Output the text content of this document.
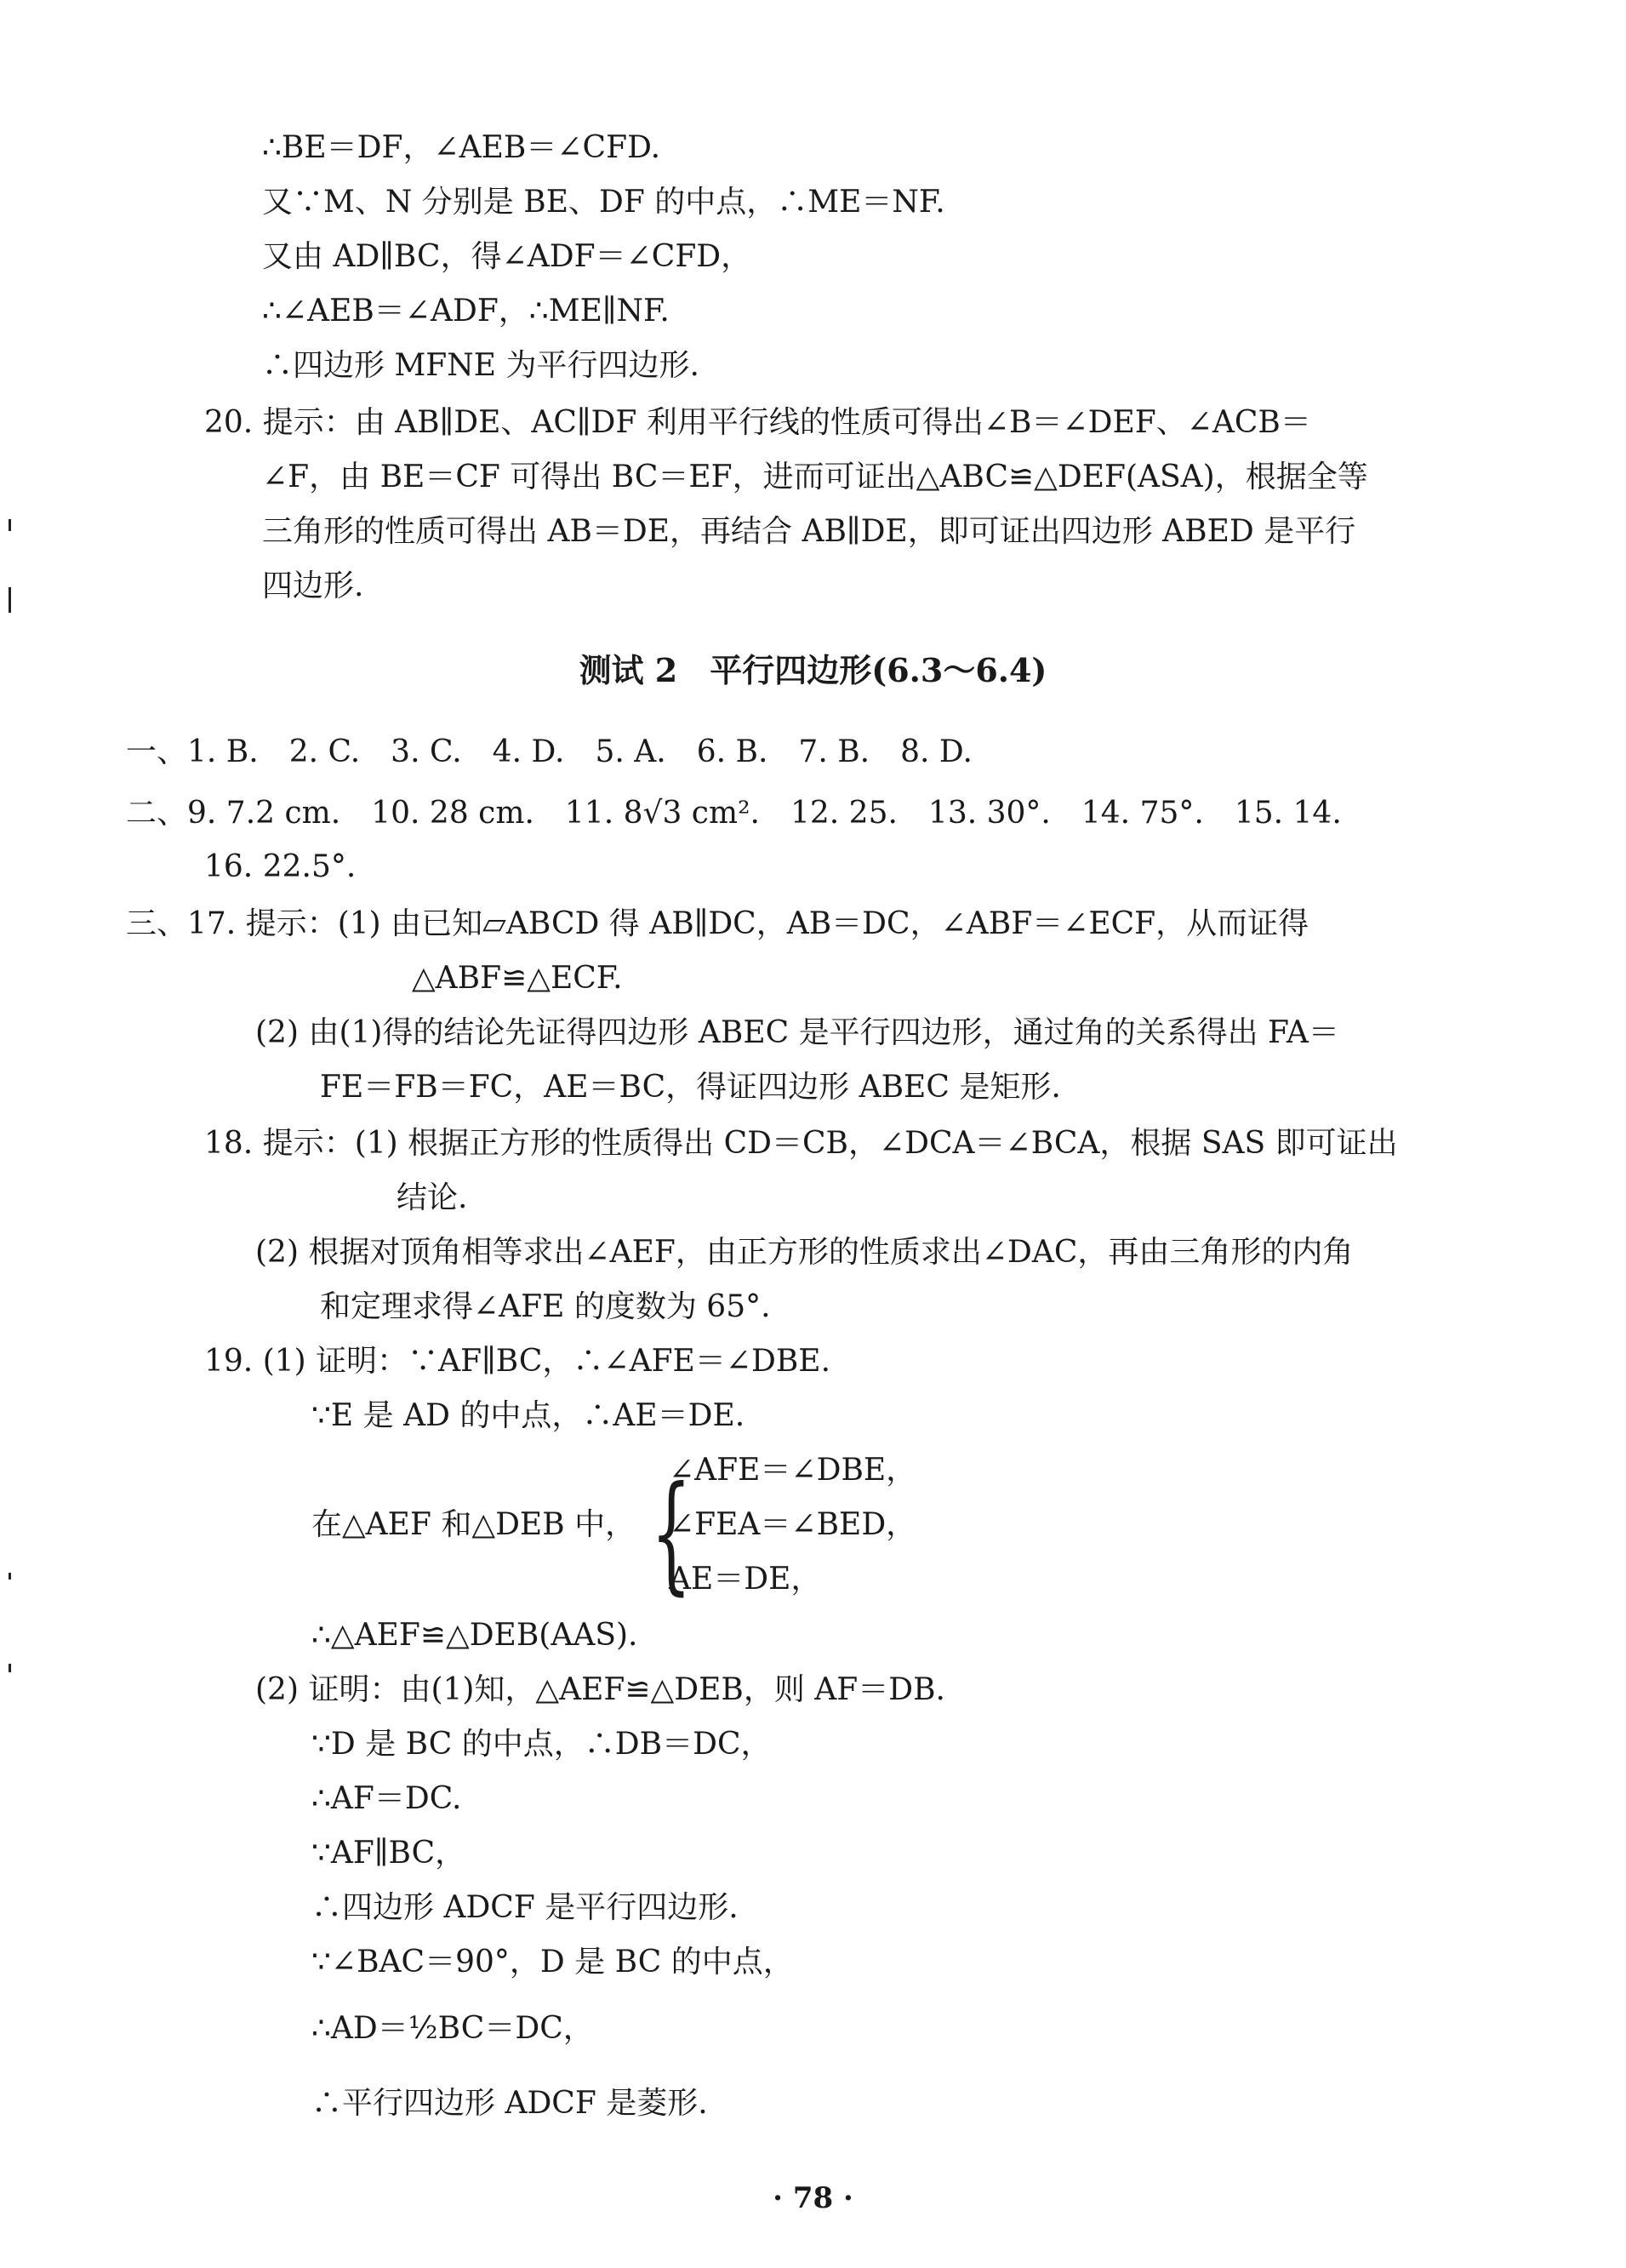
∴BE＝DF，∠AEB＝∠CFD.
又∵M、N 分别是 BE、DF 的中点，∴ME＝NF.
又由 AD∥BC，得∠ADF＝∠CFD，
∴∠AEB＝∠ADF，∴ME∥NF.
∴四边形 MFNE 为平行四边形.
20. 提示：由 AB∥DE、AC∥DF 利用平行线的性质可得出∠B＝∠DEF、∠ACB＝
∠F，由 BE＝CF 可得出 BC＝EF，进而可证出△ABC≌△DEF(ASA)，根据全等
三角形的性质可得出 AB＝DE，再结合 AB∥DE，即可证出四边形 ABED 是平行
四边形.
测试 2　平行四边形(6.3～6.4)
一、1. B.　2. C.　3. C.　4. D.　5. A.　6. B.　7. B.　8. D.
二、9. 7.2 cm.　10. 28 cm.　11. 8√3 cm².　12. 25.　13. 30°.　14. 75°.　15. 14.
16. 22.5°.
三、17. 提示：(1) 由已知▱ABCD 得 AB∥DC，AB＝DC，∠ABF＝∠ECF，从而证得
△ABF≌△ECF.
(2) 由(1)得的结论先证得四边形 ABEC 是平行四边形，通过角的关系得出 FA＝
FE＝FB＝FC，AE＝BC，得证四边形 ABEC 是矩形.
18. 提示：(1) 根据正方形的性质得出 CD＝CB，∠DCA＝∠BCA，根据 SAS 即可证出
结论.
(2) 根据对顶角相等求出∠AEF，由正方形的性质求出∠DAC，再由三角形的内角
和定理求得∠AFE 的度数为 65°.
19. (1) 证明：∵AF∥BC，∴∠AFE＝∠DBE.
∵E 是 AD 的中点，∴AE＝DE.
{
∠AFE＝∠DBE，
在△AEF 和△DEB 中， ∠FEA＝∠BED，
AE＝DE，
∴△AEF≌△DEB(AAS).
(2) 证明：由(1)知，△AEF≌△DEB，则 AF＝DB.
∵D 是 BC 的中点，∴DB＝DC，
∴AF＝DC.
∵AF∥BC，
∴四边形 ADCF 是平行四边形.
∵∠BAC＝90°，D 是 BC 的中点，
∴AD＝½BC＝DC，
∴平行四边形 ADCF 是菱形.
· 78 ·
